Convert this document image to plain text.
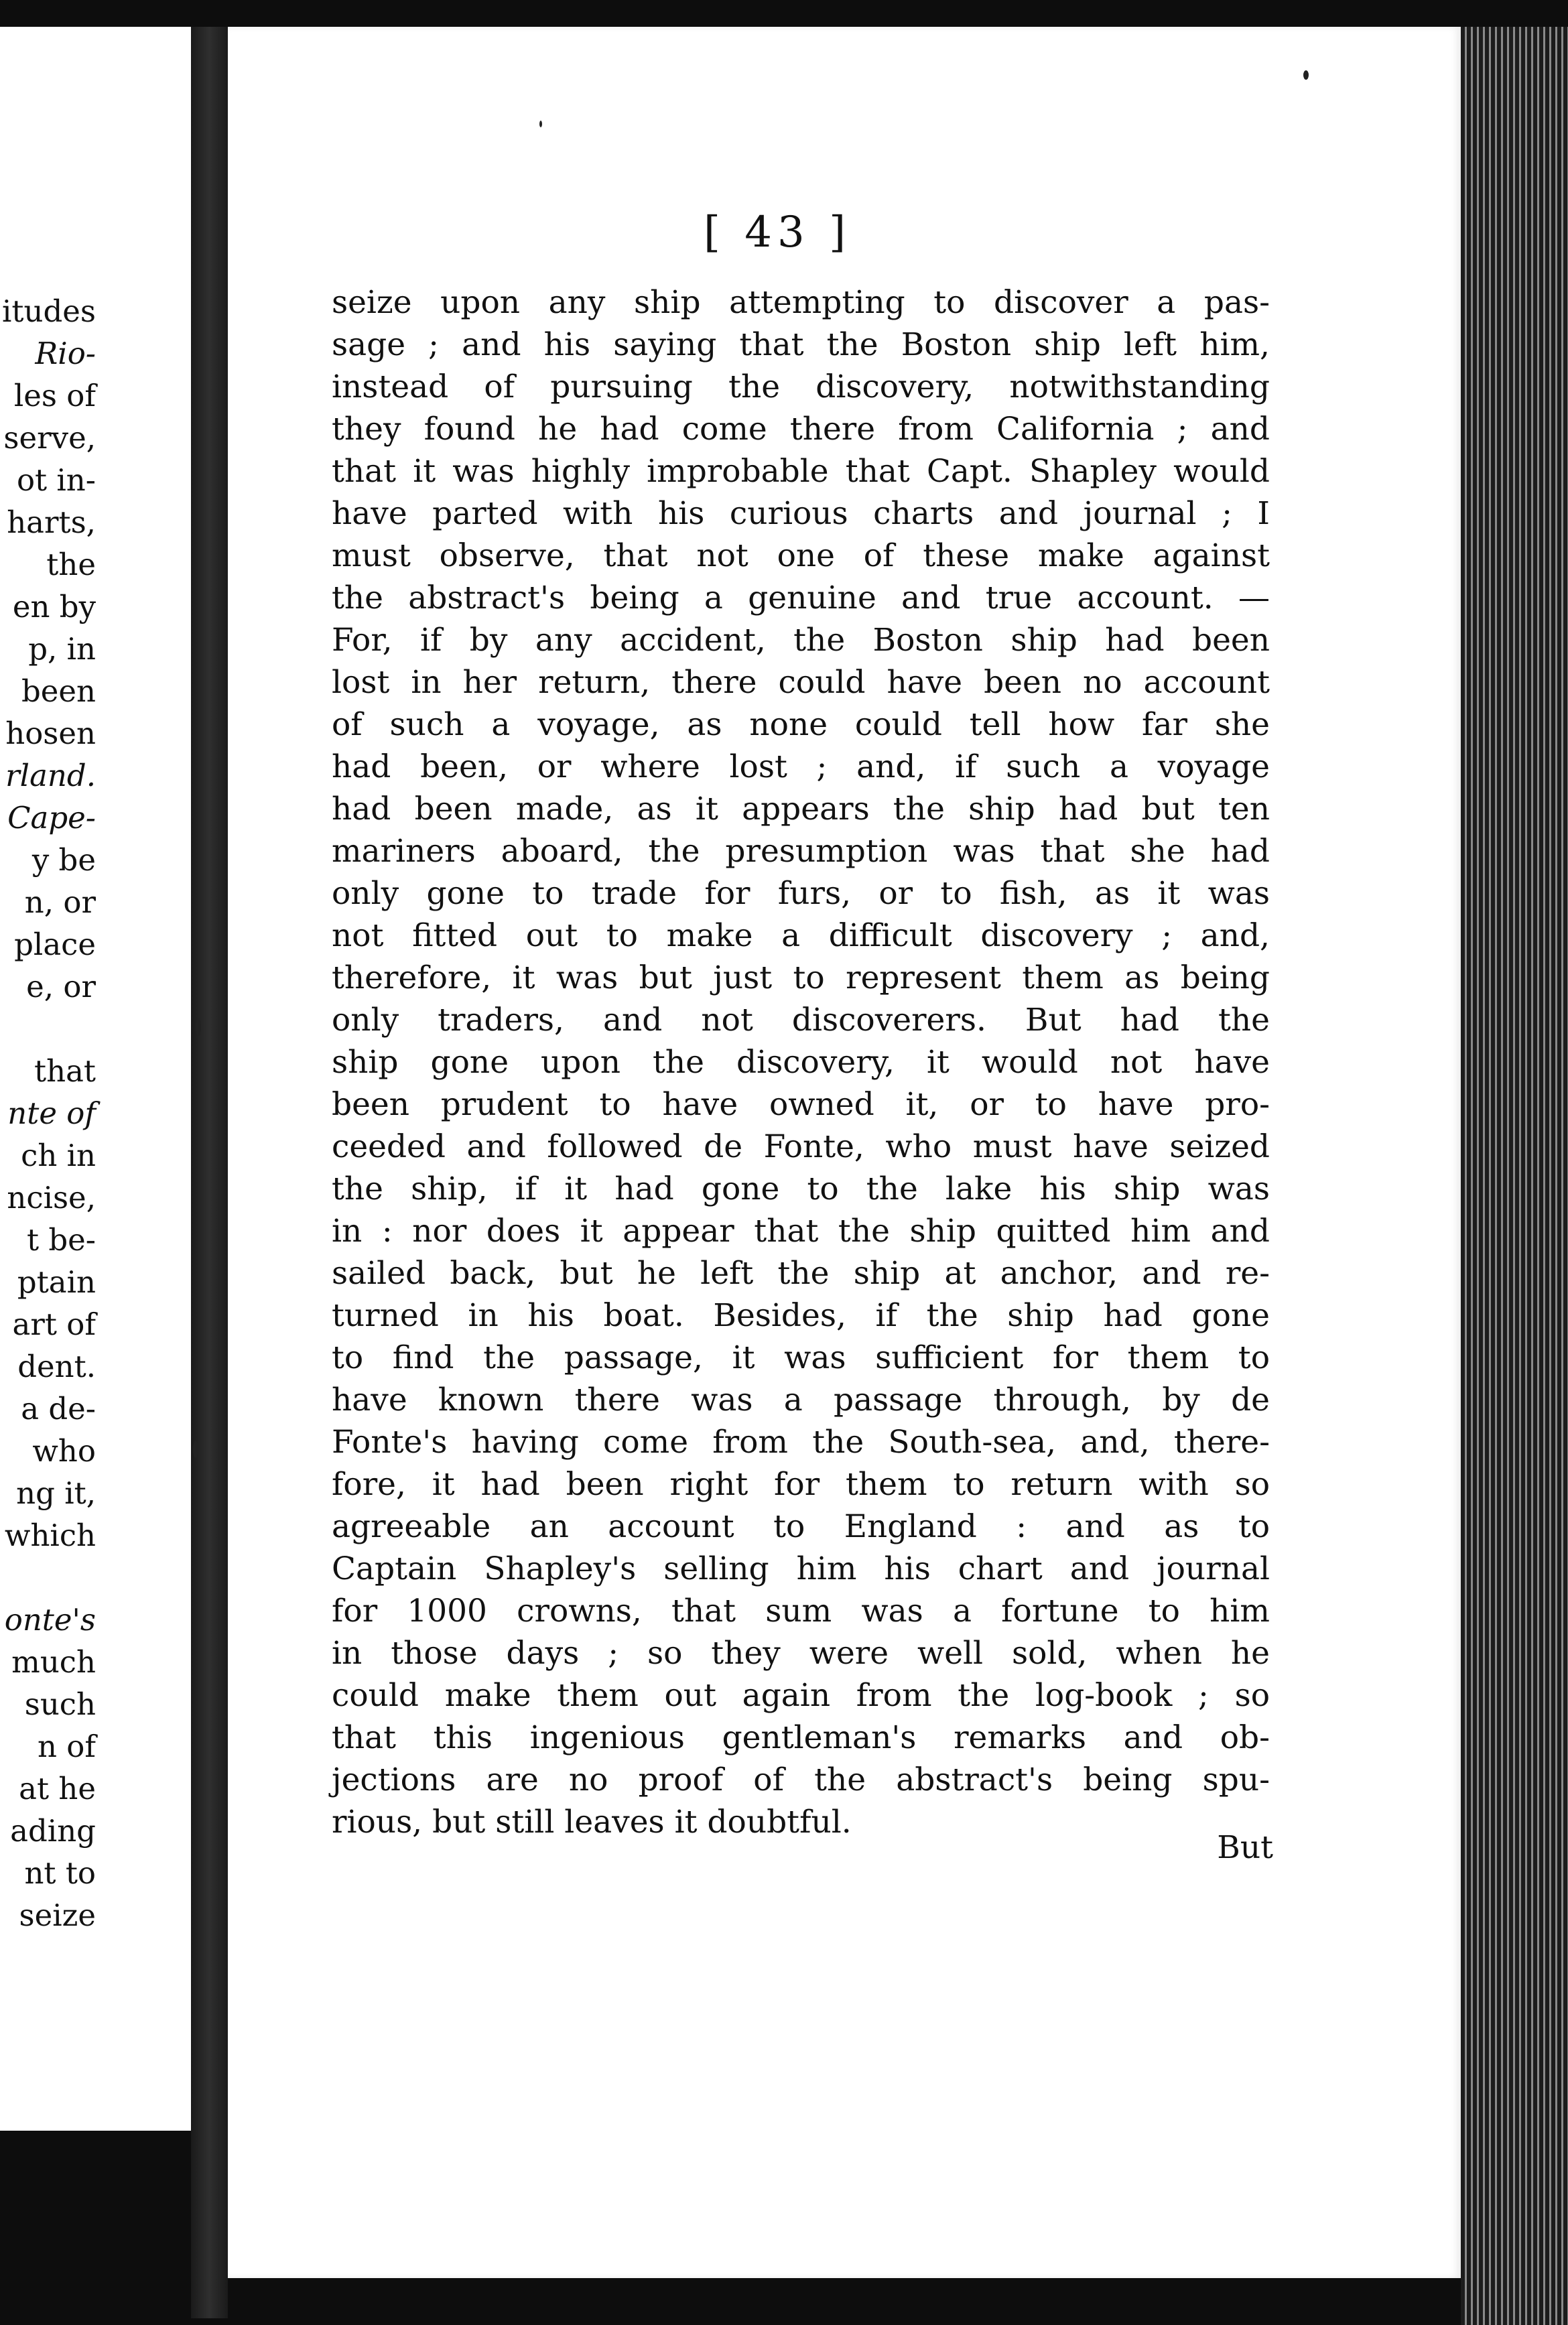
itudes
Rio-
les of
serve,
ot in-
harts,
the
en by
p, in
been
hosen
rland.
Cape-
y be
n, or
place
e, or
that
nte of
ch in
ncise,
t be-
ptain
art of
dent.
a de-
who
ng it,
which
onte's
much
such
n of
at he
ading
nt to
seize
[ 43 ]
seize upon any ship attempting to discover a pas-
sage ; and his saying that the Boston ship left him,
instead of pursuing the discovery, notwithstanding
they found he had come there from California ; and
that it was highly improbable that Capt. Shapley would
have parted with his curious charts and journal ; I
must observe, that not one of these make against
the abstract's being a genuine and true account. —
For, if by any accident, the Boston ship had been
lost in her return, there could have been no account
of such a voyage, as none could tell how far she
had been, or where lost ; and, if such a voyage
had been made, as it appears the ship had but ten
mariners aboard, the presumption was that she had
only gone to trade for furs, or to fish, as it was
not fitted out to make a difficult discovery ; and,
therefore, it was but just to represent them as being
only traders, and not discoverers. But had the
ship gone upon the discovery, it would not have
been prudent to have owned it, or to have pro-
ceeded and followed de Fonte, who must have seized
the ship, if it had gone to the lake his ship was
in : nor does it appear that the ship quitted him and
sailed back, but he left the ship at anchor, and re-
turned in his boat. Besides, if the ship had gone
to find the passage, it was sufficient for them to
have known there was a passage through, by de
Fonte's having come from the South-sea, and, there-
fore, it had been right for them to return with so
agreeable an account to England : and as to
Captain Shapley's selling him his chart and journal
for 1000 crowns, that sum was a fortune to him
in those days ; so they were well sold, when he
could make them out again from the log-book ; so
that this ingenious gentleman's remarks and ob-
jections are no proof of the abstract's being spu-
rious, but still leaves it doubtful.
But
